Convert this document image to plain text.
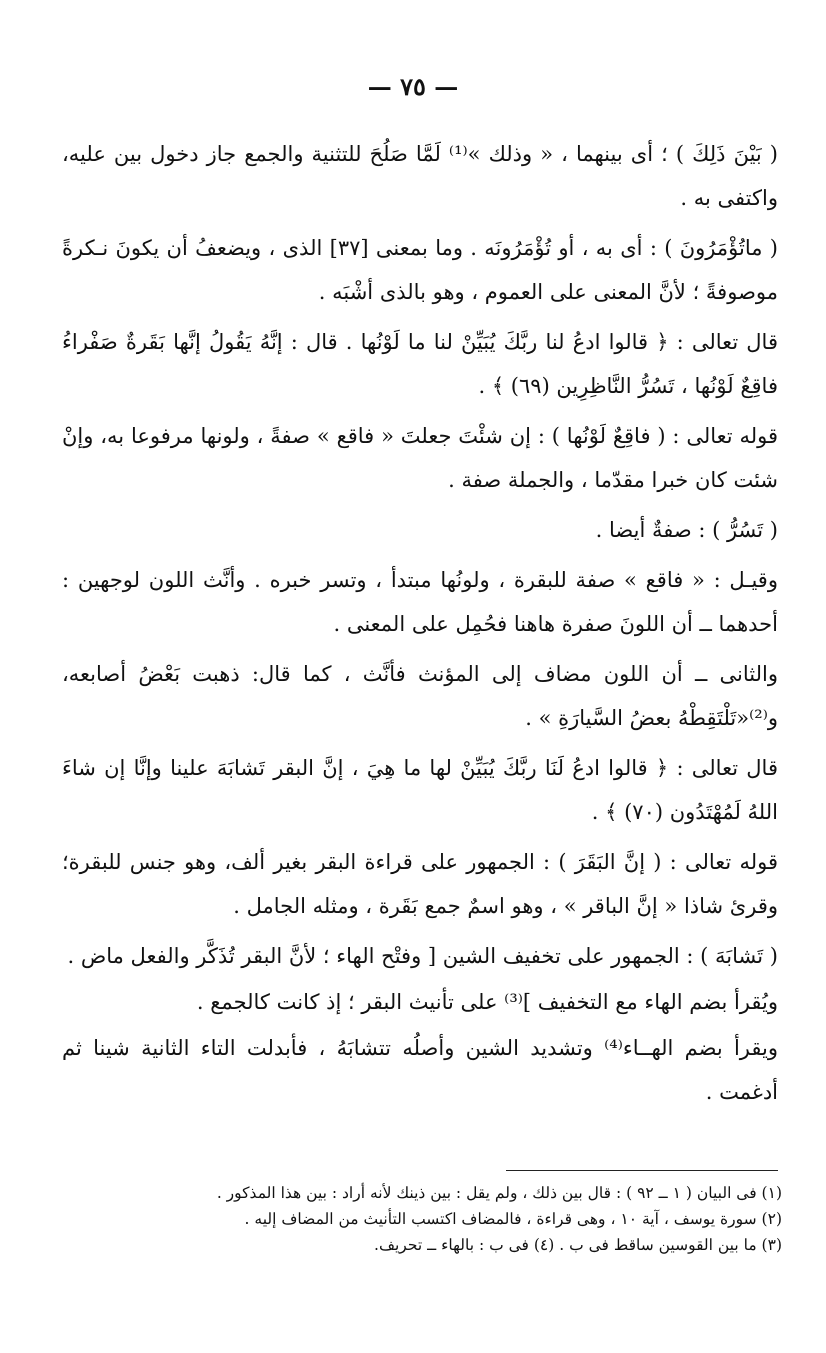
— ٧٥ —

( بَيْنَ ذَلِكَ ) ؛ أى بينهما ، « وذلك »⁽¹⁾ لَمَّا صَلُحَ للتثنية والجمع جاز دخول بين عليه، واكتفى به .

( ماتُؤْمَرُونَ ) : أى به ، أو تُؤْمَرُونَه . وما بمعنى [٣٧] الذى ، ويضعفُ أن يكونَ نـكرةً موصوفةً ؛ لأنَّ المعنى على العموم ، وهو بالذى أشْبَه .

قال تعالى : ﴿ قالوا ادعُ لنا ربَّكَ يُبَيِّنْ لنا ما لَوْنُها . قال : إنَّهُ يَقُولُ إنَّها بَقَرةٌ صَفْراءُ فاقِعٌ لَوْنُها ، تَسُرُّ النَّاظِرِين (٦٩) ﴾ .

قوله تعالى : ( فاقِعٌ لَوْنُها ) : إن شئْتَ جعلتَ « فاقع » صفةً ، ولونها مرفوعا به، وإنْ شئت كان خبرا مقدّما ، والجملة صفة .

( تَسُرُّ ) : صفةٌ أيضا .

وقيـل : « فاقع » صفة للبقرة ، ولونُها مبتدأ ، وتسر خبره . وأنَّث اللون لوجهين : أحدهما ــ أن اللونَ صفرة هاهنا فحُمِل على المعنى .

والثانى ــ أن اللون مضاف إلى المؤنث فأنَّث ، كما قال: ذهبت بَعْضُ أصابعه، و⁽²⁾«تَلْتَقِطْهُ بعضُ السَّيارَةِ » .

قال تعالى : ﴿ قالوا ادعُ لَنَا ربَّكَ يُبَيِّنْ لها ما هِيَ ، إنَّ البقر تَشابَهَ علينا وإنَّا إن شاءَ اللهُ لَمُهْتَدُون (٧٠) ﴾ .

قوله تعالى : ( إنَّ البَقَرَ ) : الجمهور على قراءة البقر بغير ألف، وهو جنس للبقرة؛ وقرئ شاذا « إنَّ الباقر » ، وهو اسمٌ جمع بَقَرة ، ومثله الجامل .

( تَشابَهَ ) : الجمهور على تخفيف الشين [ وفتْح الهاء ؛ لأنَّ البقر تُذَكَّر والفعل ماض .

ويُقرأ بضم الهاء مع التخفيف ]⁽³⁾ على تأنيث البقر ؛ إذ كانت كالجمع .

ويقرأ بضم الهــاء⁽⁴⁾ وتشديد الشين وأصلُه تتشابَهُ ، فأبدلت التاء الثانية شينا ثم أدغمت .

(١) فى البيان ( ١ ــ ٩٢ ) : قال بين ذلك ، ولم يقل : بين ذينك لأنه أراد : بين هذا المذكور .
(٢) سورة يوسف ، آية ١٠ ، وهى قراءة ، فالمضاف اكتسب التأنيث من المضاف إليه .
(٣) ما بين القوسين ساقط فى ب . (٤) فى ب : بالهاء ــ تحريف.
